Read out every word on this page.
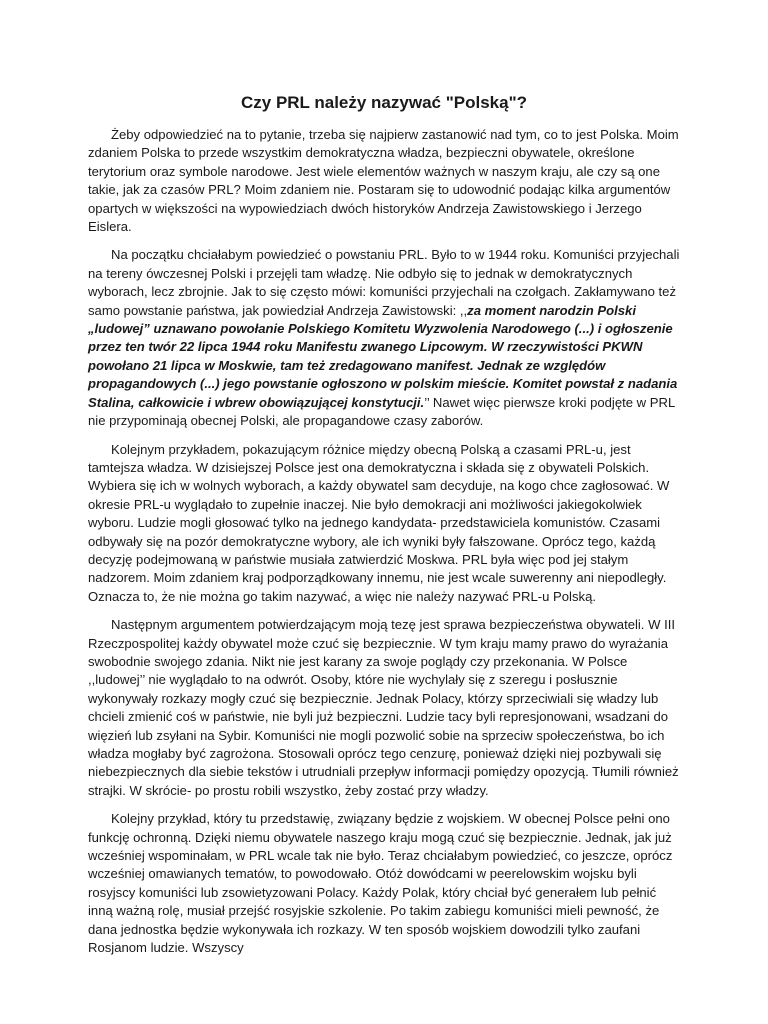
Czy PRL należy nazywać "Polską"?

Żeby odpowiedzieć na to pytanie, trzeba się najpierw zastanowić nad tym, co to jest Polska. Moim zdaniem Polska to przede wszystkim demokratyczna władza, bezpieczni obywatele, określone terytorium oraz symbole narodowe. Jest wiele elementów ważnych w naszym kraju, ale czy są one takie, jak za czasów PRL? Moim zdaniem nie. Postaram się to udowodnić podając kilka argumentów opartych w większości na wypowiedziach dwóch historyków Andrzeja Zawistowskiego i Jerzego Eislera.

Na początku chciałabym powiedzieć o powstaniu PRL. Było to w 1944 roku. Komuniści przyjechali na tereny ówczesnej Polski i przejęli tam władzę. Nie odbyło się to jednak w demokratycznych wyborach, lecz zbrojnie. Jak to się często mówi: komuniści przyjechali na czołgach. Zakłamywano też samo powstanie państwa, jak powiedział Andrzeja Zawistowski: ,,za moment narodzin Polski „ludowej” uznawano powołanie Polskiego Komitetu Wyzwolenia Narodowego (...) i ogłoszenie przez ten twór 22 lipca 1944 roku Manifestu zwanego Lipcowym. W rzeczywistości PKWN powołano 21 lipca w Moskwie, tam też zredagowano manifest. Jednak ze względów propagandowych (...) jego powstanie ogłoszono w polskim mieście. Komitet powstał z nadania Stalina, całkowicie i wbrew obowiązującej konstytucji.’’ Nawet więc pierwsze kroki podjęte w PRL nie przypominają obecnej Polski, ale propagandowe czasy zaborów.

Kolejnym przykładem, pokazującym różnice między obecną Polską a czasami PRL-u, jest tamtejsza władza. W dzisiejszej Polsce jest ona demokratyczna i składa się z obywateli Polskich. Wybiera się ich w wolnych wyborach, a każdy obywatel sam decyduje, na kogo chce zagłosować. W okresie PRL-u wyglądało to zupełnie inaczej. Nie było demokracji ani możliwości jakiegokolwiek wyboru. Ludzie mogli głosować tylko na jednego kandydata- przedstawiciela komunistów. Czasami odbywały się na pozór demokratyczne wybory, ale ich wyniki były fałszowane. Oprócz tego, każdą decyzję podejmowaną w państwie musiała zatwierdzić Moskwa. PRL była więc pod jej stałym nadzorem. Moim zdaniem kraj podporządkowany innemu, nie jest wcale suwerenny ani niepodległy. Oznacza to, że nie można go takim nazywać, a więc nie należy nazywać PRL-u Polską.

Następnym argumentem potwierdzającym moją tezę jest sprawa bezpieczeństwa obywateli. W III Rzeczpospolitej każdy obywatel może czuć się bezpiecznie. W tym kraju mamy prawo do wyrażania swobodnie swojego zdania. Nikt nie jest karany za swoje poglądy czy przekonania. W Polsce ,,ludowej’’ nie wyglądało to na odwrót. Osoby, które nie wychylały się z szeregu i posłusznie wykonywały rozkazy mogły czuć się bezpiecznie. Jednak Polacy, którzy sprzeciwiali się władzy lub chcieli zmienić coś w państwie, nie byli już bezpieczni. Ludzie tacy byli represjonowani, wsadzani do więzień lub zsyłani na Sybir. Komuniści nie mogli pozwolić sobie na sprzeciw społeczeństwa, bo ich władza mogłaby być zagrożona. Stosowali oprócz tego cenzurę, ponieważ dzięki niej pozbywali się niebezpiecznych dla siebie tekstów i utrudniali przepływ informacji pomiędzy opozycją. Tłumili również strajki. W skrócie- po prostu robili wszystko, żeby zostać przy władzy.

Kolejny przykład, który tu przedstawię, związany będzie z wojskiem. W obecnej Polsce pełni ono funkcję ochronną. Dzięki niemu obywatele naszego kraju mogą czuć się bezpiecznie. Jednak, jak już wcześniej wspominałam, w PRL wcale tak nie było. Teraz chciałabym powiedzieć, co jeszcze, oprócz wcześniej omawianych tematów, to powodowało. Otóż dowódcami w peerelowskim wojsku byli rosyjscy komuniści lub zsowietyzowani Polacy. Każdy Polak, który chciał być generałem lub pełnić inną ważną rolę, musiał przejść rosyjskie szkolenie. Po takim zabiegu komuniści mieli pewność, że dana jednostka będzie wykonywała ich rozkazy. W ten sposób wojskiem dowodzili tylko zaufani Rosjanom ludzie. Wszyscy
